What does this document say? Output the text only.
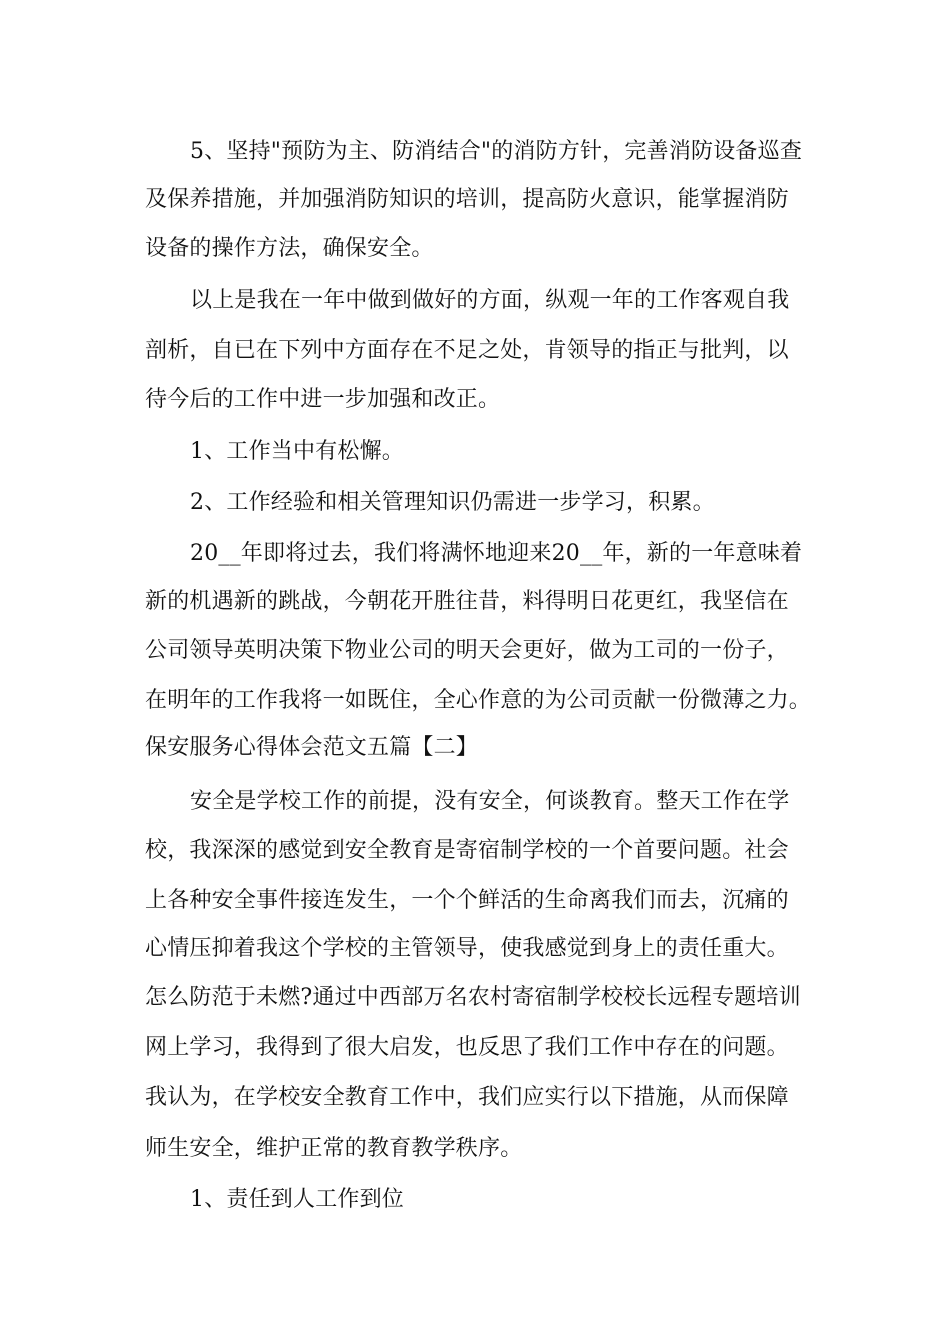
5、坚持"预防为主、防消结合"的消防方针，完善消防设备巡查
及保养措施，并加强消防知识的培训，提高防火意识，能掌握消防
设备的操作方法，确保安全。
以上是我在一年中做到做好的方面，纵观一年的工作客观自我
剖析，自已在下列中方面存在不足之处，肯领导的指正与批判，以
待今后的工作中进一步加强和改正。
1、工作当中有松懈。
2、工作经验和相关管理知识仍需进一步学习，积累。
20__年即将过去，我们将满怀地迎来20__年，新的一年意味着
新的机遇新的跳战，今朝花开胜往昔，料得明日花更红，我坚信在
公司领导英明决策下物业公司的明天会更好，做为工司的一份子，
在明年的工作我将一如既住，全心作意的为公司贡献一份微薄之力。
保安服务心得体会范文五篇【二】
安全是学校工作的前提，没有安全，何谈教育。整天工作在学
校，我深深的感觉到安全教育是寄宿制学校的一个首要问题。社会
上各种安全事件接连发生，一个个鲜活的生命离我们而去，沉痛的
心情压抑着我这个学校的主管领导，使我感觉到身上的责任重大。
怎么防范于未燃?通过中西部万名农村寄宿制学校校长远程专题培训
网上学习，我得到了很大启发，也反思了我们工作中存在的问题。
我认为，在学校安全教育工作中，我们应实行以下措施，从而保障
师生安全，维护正常的教育教学秩序。
1、责任到人工作到位
